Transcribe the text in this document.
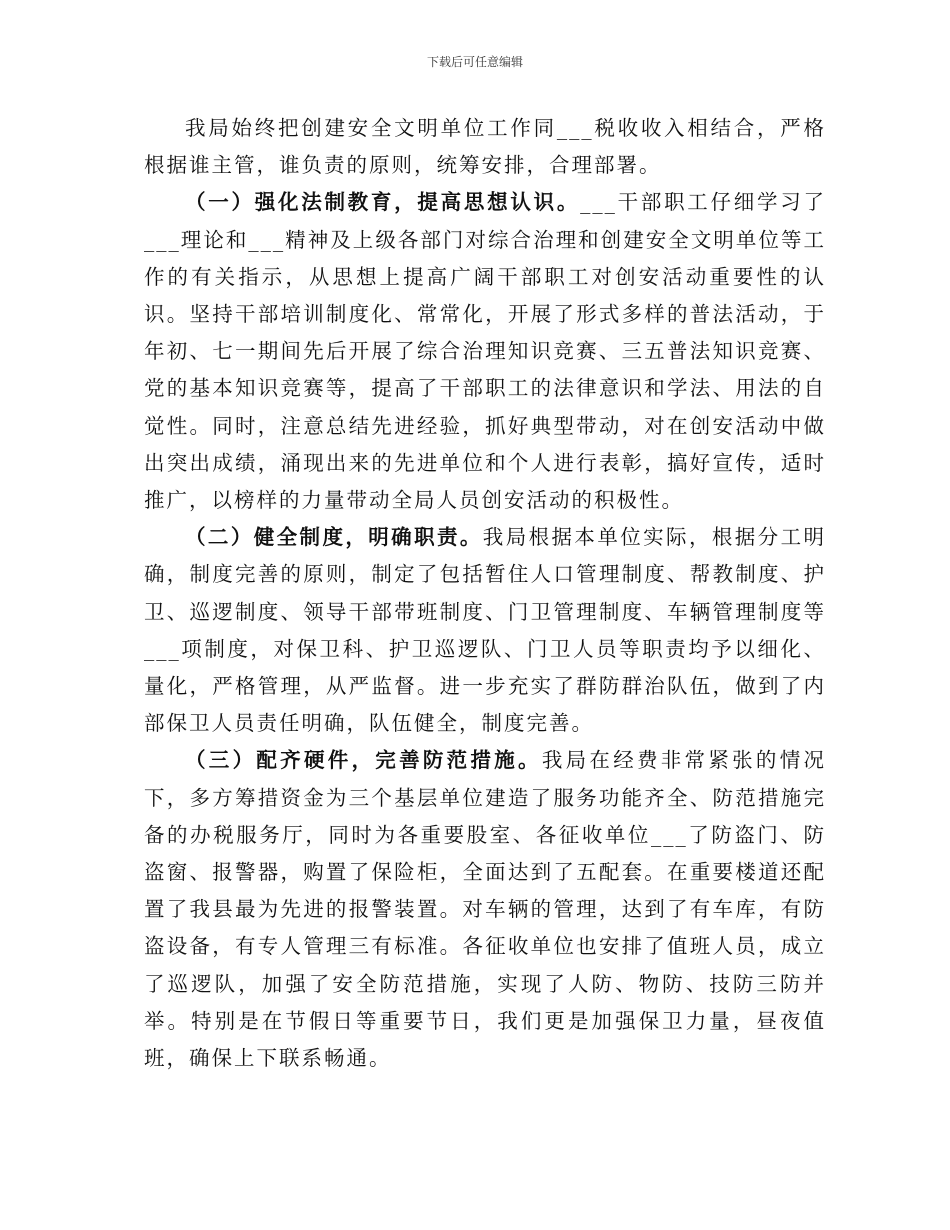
下载后可任意编辑

我局始终把创建安全文明单位工作同___税收收入相结合，严格根据谁主管，谁负责的原则，统筹安排，合理部署。

（一）强化法制教育，提高思想认识。___干部职工仔细学习了___理论和___精神及上级各部门对综合治理和创建安全文明单位等工作的有关指示，从思想上提高广阔干部职工对创安活动重要性的认识。坚持干部培训制度化、常常化，开展了形式多样的普法活动，于年初、七一期间先后开展了综合治理知识竞赛、三五普法知识竞赛、党的基本知识竞赛等，提高了干部职工的法律意识和学法、用法的自觉性。同时，注意总结先进经验，抓好典型带动，对在创安活动中做出突出成绩，涌现出来的先进单位和个人进行表彰，搞好宣传，适时推广，以榜样的力量带动全局人员创安活动的积极性。

（二）健全制度，明确职责。我局根据本单位实际，根据分工明确，制度完善的原则，制定了包括暂住人口管理制度、帮教制度、护卫、巡逻制度、领导干部带班制度、门卫管理制度、车辆管理制度等___项制度，对保卫科、护卫巡逻队、门卫人员等职责均予以细化、量化，严格管理，从严监督。进一步充实了群防群治队伍，做到了内部保卫人员责任明确，队伍健全，制度完善。

（三）配齐硬件，完善防范措施。我局在经费非常紧张的情况下，多方筹措资金为三个基层单位建造了服务功能齐全、防范措施完备的办税服务厅，同时为各重要股室、各征收单位___了防盗门、防盗窗、报警器，购置了保险柜，全面达到了五配套。在重要楼道还配置了我县最为先进的报警装置。对车辆的管理，达到了有车库，有防盗设备，有专人管理三有标准。各征收单位也安排了值班人员，成立了巡逻队，加强了安全防范措施，实现了人防、物防、技防三防并举。特别是在节假日等重要节日，我们更是加强保卫力量，昼夜值班，确保上下联系畅通。
